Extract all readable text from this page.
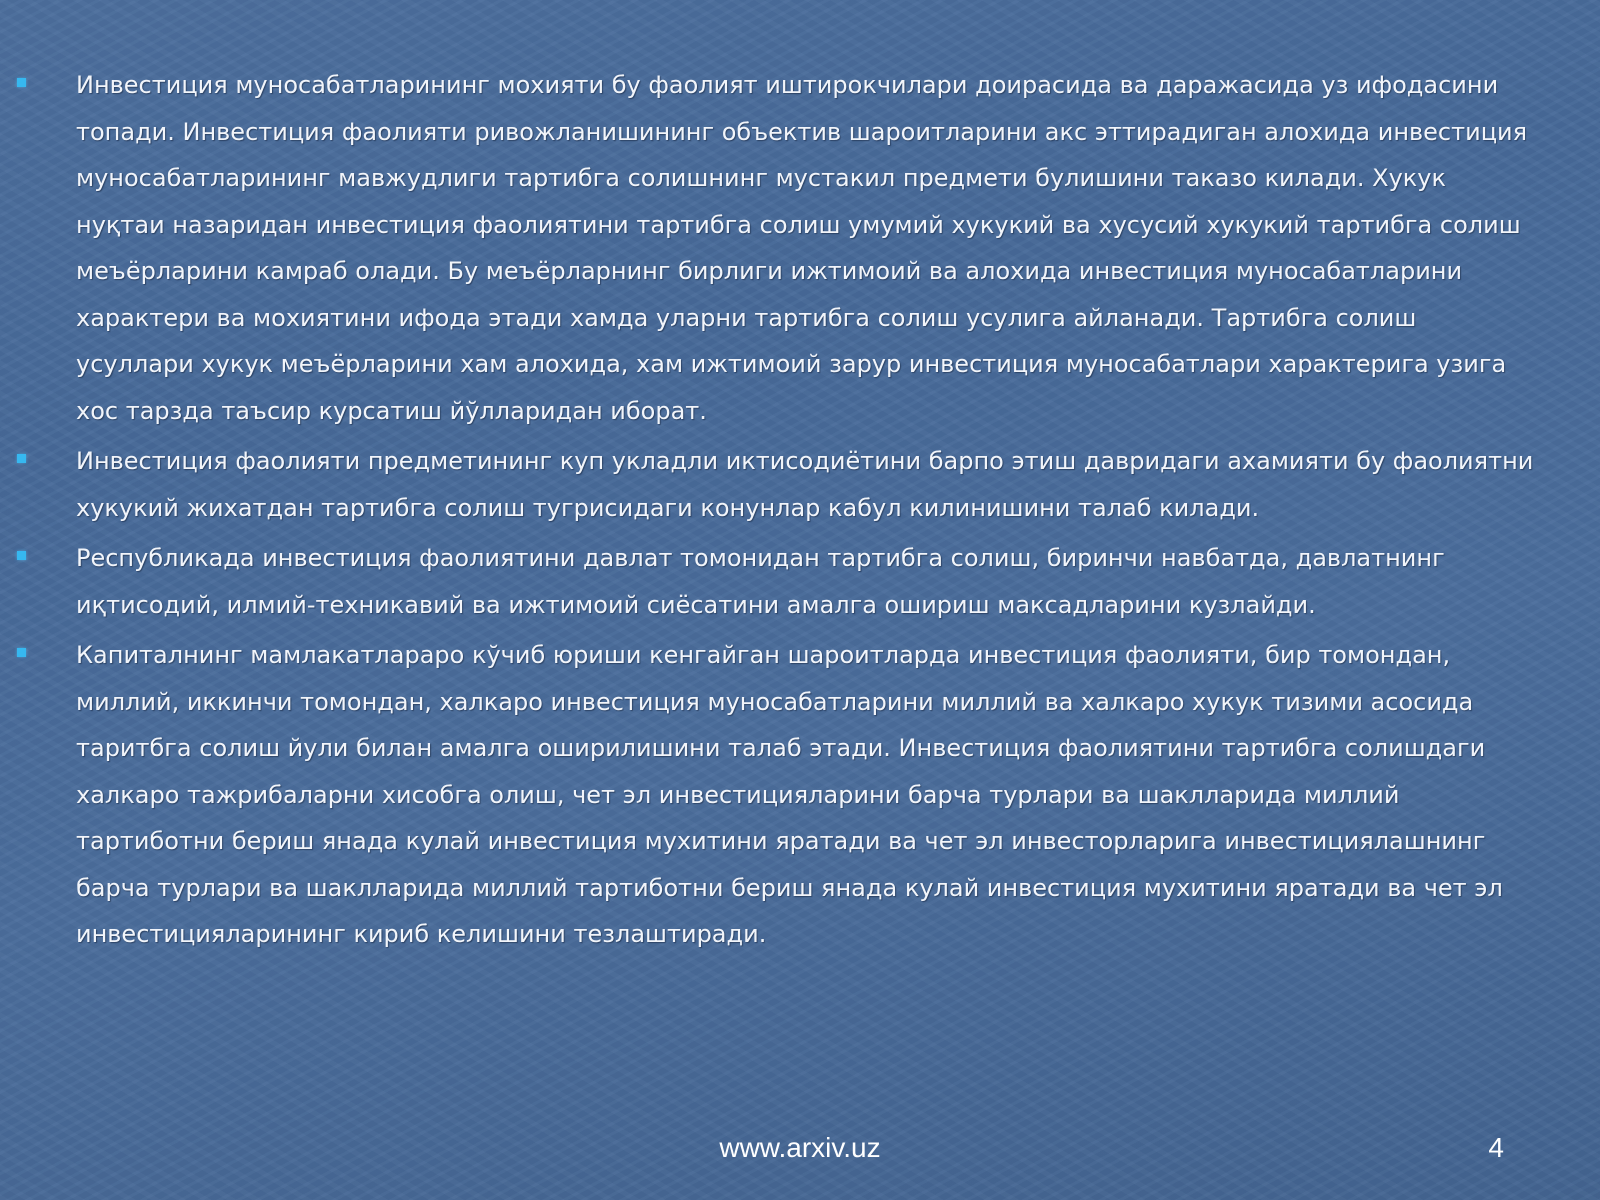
Инвестиция муносабатларининг мохияти бу фаолият иштирокчилари доирасида ва даражасида уз ифодасини топади. Инвестиция фаолияти ривожланишининг объектив шароитларини акс эттирадиган алохида инвестиция муносабатларининг мавжудлиги тартибга солишнинг мустакил предмети булишини таказо килади. Хукук нуқтаи назаридан инвестиция фаолиятини тартибга солиш умумий хукукий ва хусусий хукукий тартибга солиш меъёрларини камраб олади. Бу меъёрларнинг бирлиги ижтимоий ва алохида инвестиция муносабатларини характери ва мохиятини ифода этади хамда уларни тартибга солиш усулига айланади. Тартибга солиш усуллари хукук меъёрларини хам алохида, хам ижтимоий зарур инвестиция муносабатлари характерига узига хос тарзда таъсир курсатиш йўлларидан иборат.
Инвестиция фаолияти предметининг куп укладли иктисодиётини барпо этиш давридаги ахамияти бу фаолиятни хукукий жихатдан тартибга солиш тугрисидаги конунлар кабул килинишини талаб килади.
Республикада инвестиция фаолиятини давлат томонидан тартибга солиш, биринчи навбатда, давлатнинг иқтисодий, илмий-техникавий ва ижтимоий сиёсатини амалга ошириш максадларини кузлайди.
Капиталнинг мамлакатлараро кўчиб юриши кенгайган шароитларда инвестиция фаолияти, бир томондан, миллий, иккинчи томондан, халкаро инвестиция муносабатларини миллий ва халкаро хукук тизими асосида таритбга солиш йули билан амалга оширилишини талаб этади. Инвестиция фаолиятини тартибга солишдаги халкаро тажрибаларни хисобга олиш, чет эл инвестицияларини барча турлари ва шаклларида миллий тартиботни бериш янада кулай инвестиция мухитини яратади ва чет эл инвесторларига инвестициялашнинг барча турлари ва шаклларида миллий тартиботни бериш янада кулай инвестиция мухитини яратади ва чет эл инвестицияларининг кириб келишини тезлаштиради.
www.arxiv.uz	4
